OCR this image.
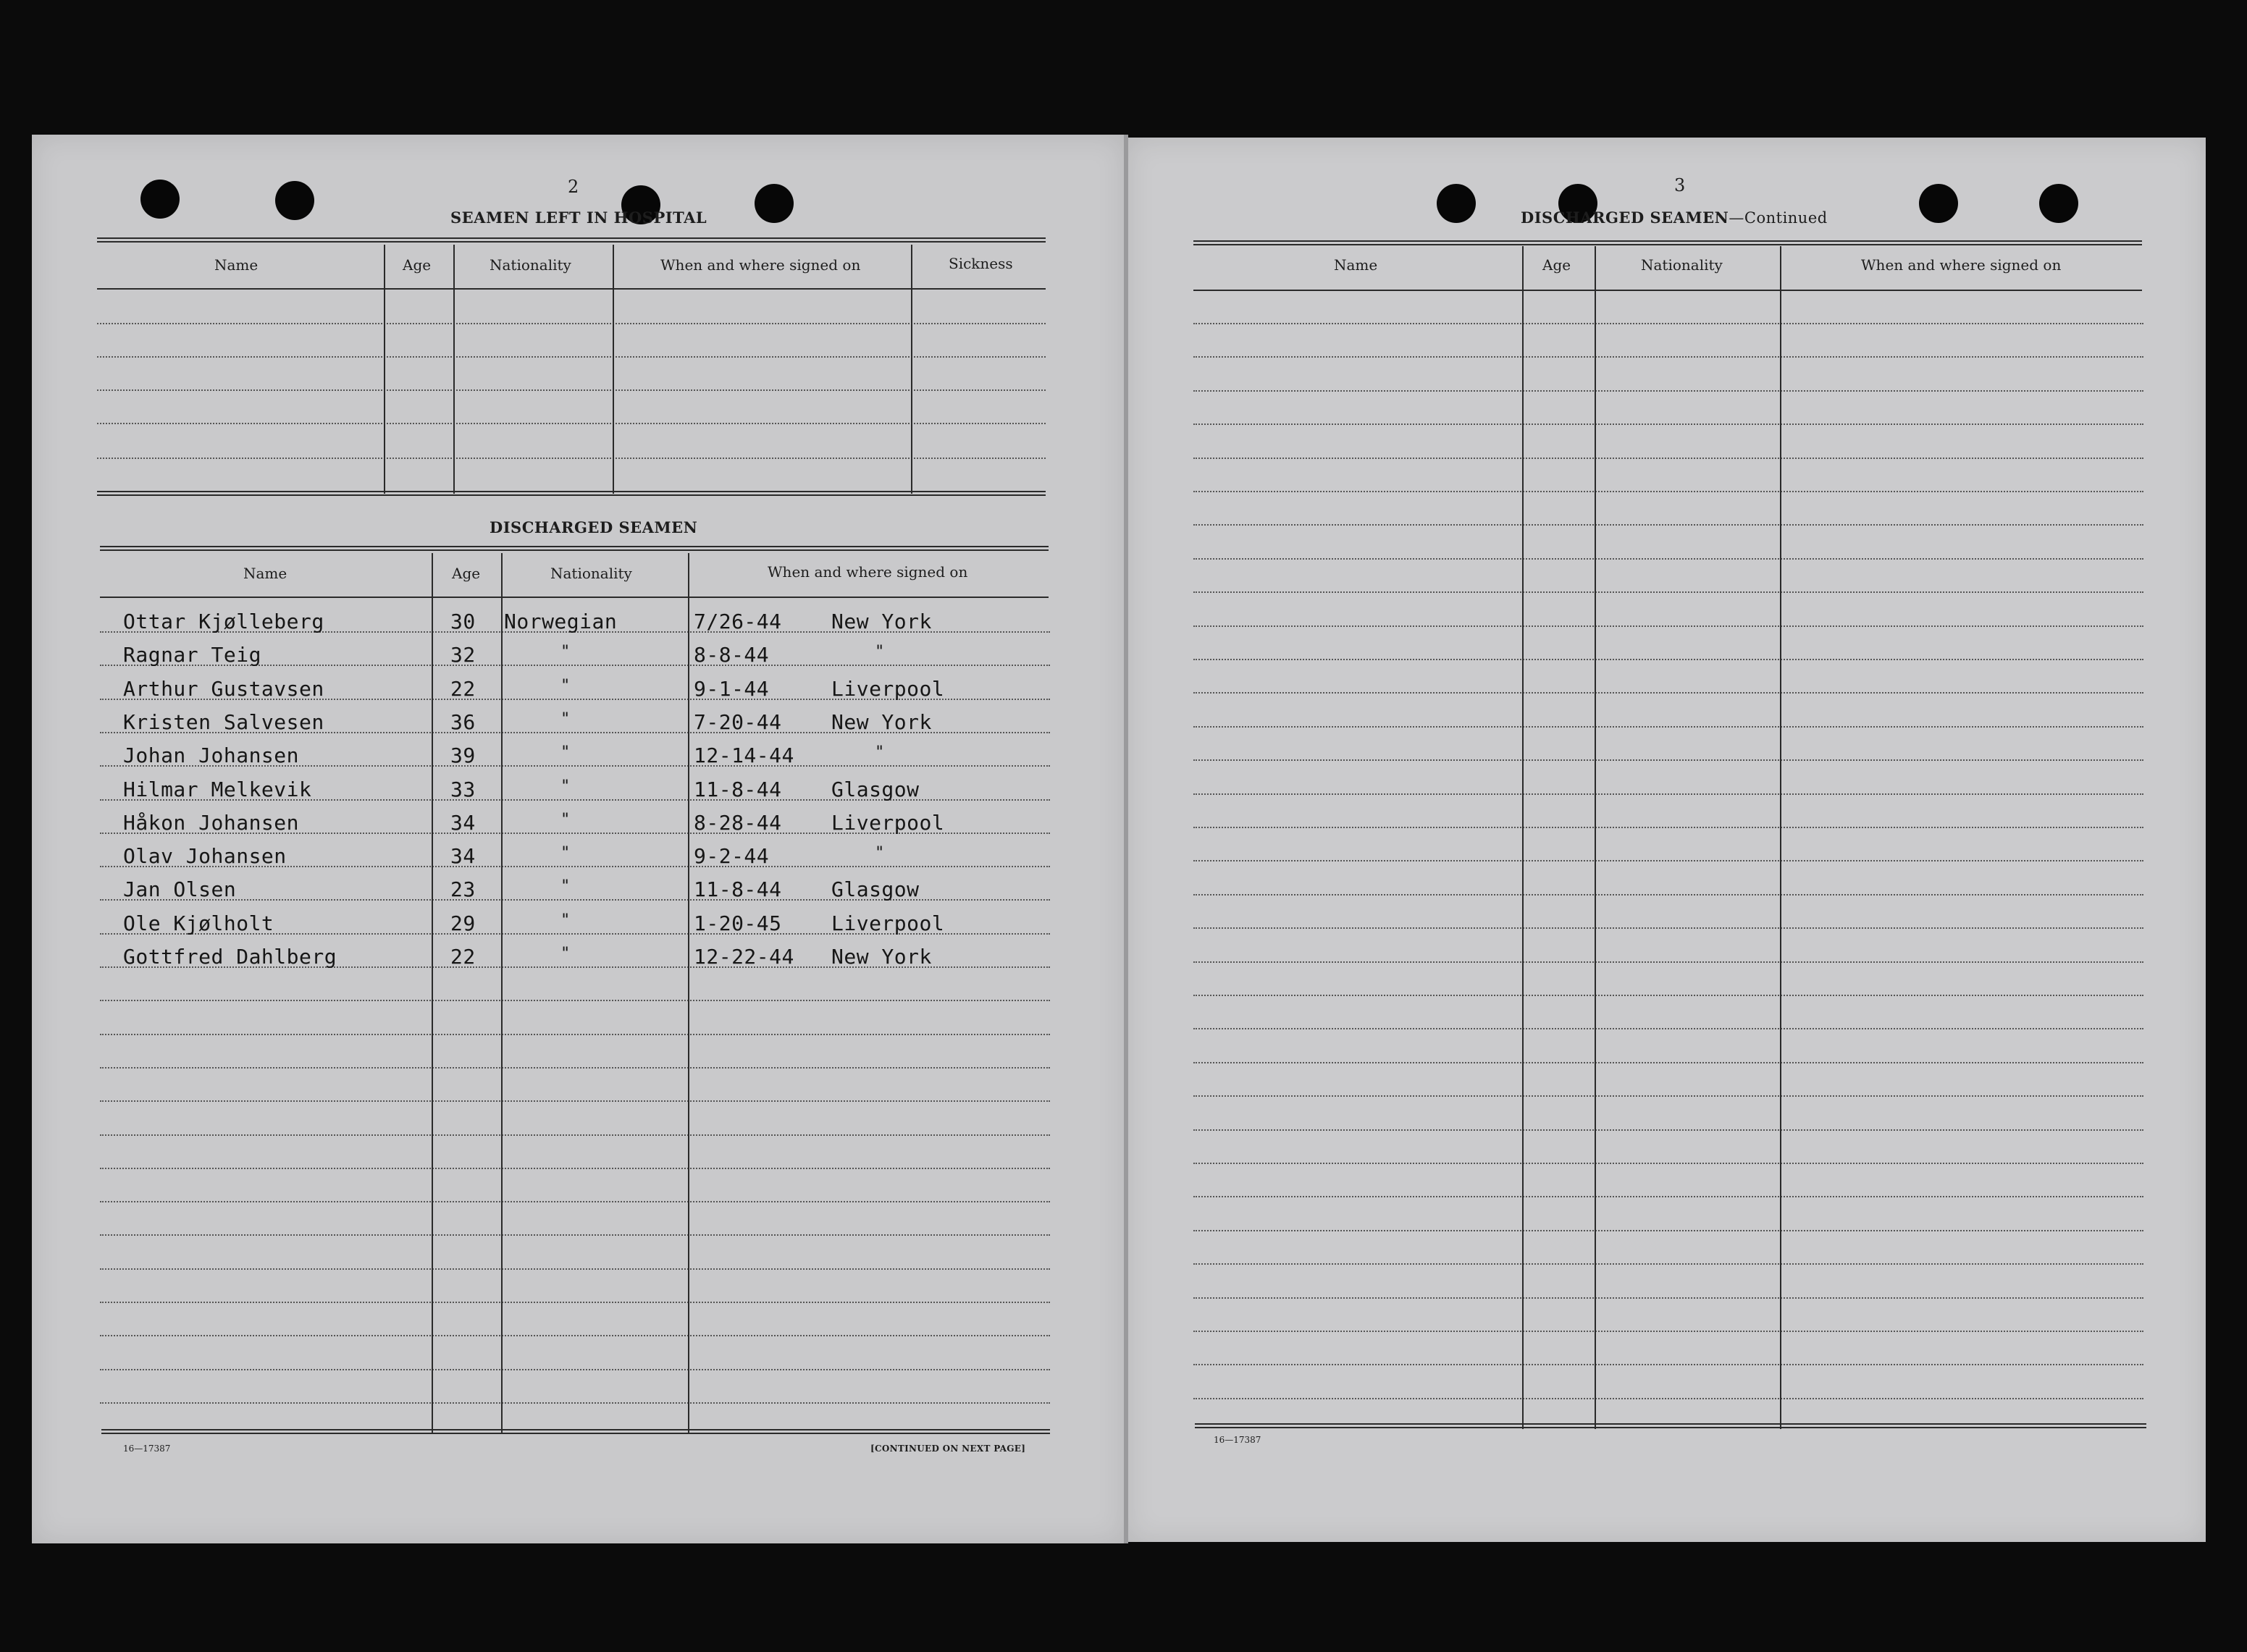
2
SEAMEN LEFT IN HOSPITAL
Name	Age	Nationality	When and where signed on	Sickness
DISCHARGED SEAMEN
Name	Age	Nationality	When and where signed on
Ottar Kjølleberg	30 Norwegian	7/26-44 New York
Ragnar Teig	32	"	8-8-44	"
Arthur Gustavsen	22	"	9-1-44	Liverpool
Kristen Salvesen	36	"	7-20-44 New York
Johan Johansen	39	"	12-14-44	"
Hilmar Melkevik	33	"	11-8-44 Glasgow
Håkon Johansen	34	"	8-28-44 Liverpool
Olav Johansen	34	"	9-2-44	"
Jan Olsen	23	"	11-8-44 Glasgow
Ole Kjølholt	29	"	1-20-45 Liverpool
Gottfred Dahlberg	22	"	12-22-44 New York
16—17387	[CONTINUED ON NEXT PAGE]
3
DISCHARGED SEAMEN—Continued
Name	Age	Nationality	When and where signed on
16—17387
